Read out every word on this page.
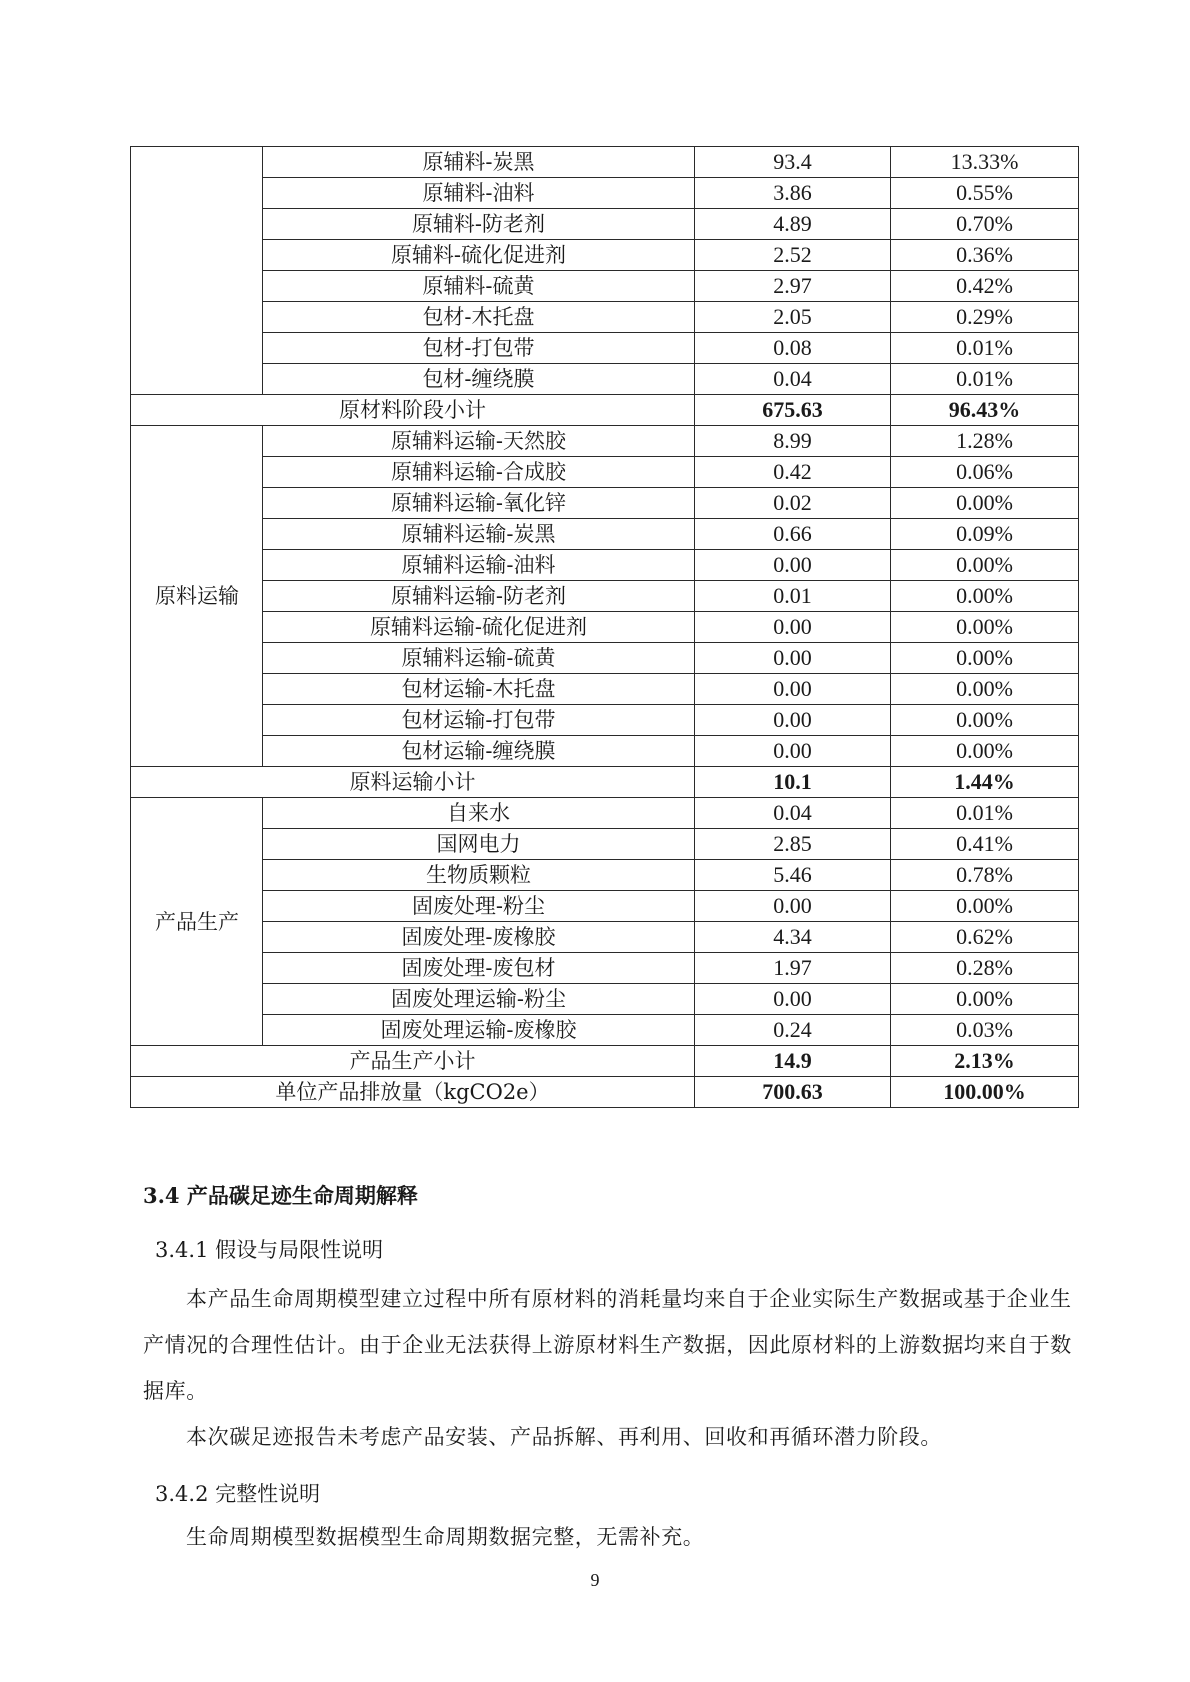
	原辅料-炭黑	93.4	13.33%
	原辅料-油料	3.86	0.55%
	原辅料-防老剂	4.89	0.70%
	原辅料-硫化促进剂	2.52	0.36%
	原辅料-硫黄	2.97	0.42%
	包材-木托盘	2.05	0.29%
	包材-打包带	0.08	0.01%
	包材-缠绕膜	0.04	0.01%
原材料阶段小计		675.63	96.43%
原料运输	原辅料运输-天然胶	8.99	1.28%
	原辅料运输-合成胶	0.42	0.06%
	原辅料运输-氧化锌	0.02	0.00%
	原辅料运输-炭黑	0.66	0.09%
	原辅料运输-油料	0.00	0.00%
	原辅料运输-防老剂	0.01	0.00%
	原辅料运输-硫化促进剂	0.00	0.00%
	原辅料运输-硫黄	0.00	0.00%
	包材运输-木托盘	0.00	0.00%
	包材运输-打包带	0.00	0.00%
	包材运输-缠绕膜	0.00	0.00%
原料运输小计		10.1	1.44%
产品生产	自来水	0.04	0.01%
	国网电力	2.85	0.41%
	生物质颗粒	5.46	0.78%
	固废处理-粉尘	0.00	0.00%
	固废处理-废橡胶	4.34	0.62%
	固废处理-废包材	1.97	0.28%
	固废处理运输-粉尘	0.00	0.00%
	固废处理运输-废橡胶	0.24	0.03%
产品生产小计		14.9	2.13%
单位产品排放量（kgCO2e）		700.63	100.00%

3.4 产品碳足迹生命周期解释

3.4.1 假设与局限性说明

本产品生命周期模型建立过程中所有原材料的消耗量均来自于企业实际生产数据或基于企业生产情况的合理性估计。由于企业无法获得上游原材料生产数据，因此原材料的上游数据均来自于数据库。

本次碳足迹报告未考虑产品安装、产品拆解、再利用、回收和再循环潜力阶段。

3.4.2 完整性说明

生命周期模型数据模型生命周期数据完整，无需补充。

9
